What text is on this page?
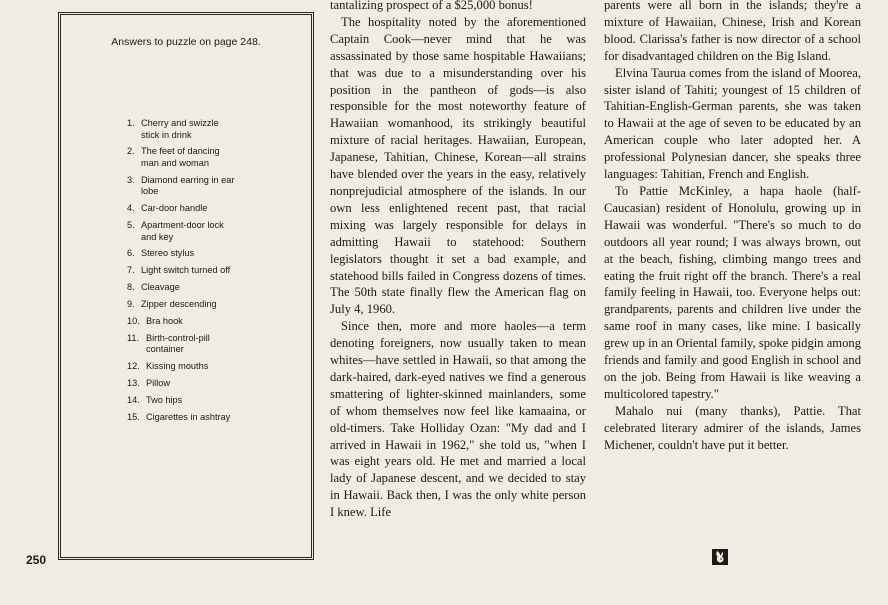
250
Answers to puzzle on page 248.
1. Cherry and swizzle stick in drink
2. The feet of dancing man and woman
3. Diamond earring in ear lobe
4. Car-door handle
5. Apartment-door lock and key
6. Stereo stylus
7. Light switch turned off
8. Cleavage
9. Zipper descending
10. Bra hook
11. Birth-control-pill container
12. Kissing mouths
13. Pillow
14. Two hips
15. Cigarettes in ashtray

tantalizing prospect of a $25,000 bonus!

The hospitality noted by the aforementioned Captain Cook—never mind that he was assassinated by those same hospitable Hawaiians; that was due to a misunderstanding over his position in the pantheon of gods—is also responsible for the most noteworthy feature of Hawaiian womanhood, its strikingly beautiful mixture of racial heritages. Hawaiian, European, Japanese, Tahitian, Chinese, Korean—all strains have blended over the years in the easy, relatively nonprejudicial atmosphere of the islands. In our own less enlightened recent past, that racial mixing was largely responsible for delays in admitting Hawaii to statehood: Southern legislators thought it set a bad example, and statehood bills failed in Congress dozens of times. The 50th state finally flew the American flag on July 4, 1960.

Since then, more and more haoles—a term denoting foreigners, now usually taken to mean whites—have settled in Hawaii, so that among the dark-haired, dark-eyed natives we find a generous smattering of lighter-skinned mainlanders, some of whom themselves now feel like kamaaina, or old-timers. Take Holliday Ozan: "My dad and I arrived in Hawaii in 1962," she told us, "when I was eight years old. He met and married a local lady of Japanese descent, and we decided to stay in Hawaii. Back then, I was the only white person I knew. Life

parents were all born in the islands; they're a mixture of Hawaiian, Chinese, Irish and Korean blood. Clarissa's father is now director of a school for disadvantaged children on the Big Island.

Elvina Taurua comes from the island of Moorea, sister island of Tahiti; youngest of 15 children of Tahitian-English-German parents, she was taken to Hawaii at the age of seven to be educated by an American couple who later adopted her. A professional Polynesian dancer, she speaks three languages: Tahitian, French and English.

To Pattie McKinley, a hapa haole (half-Caucasian) resident of Honolulu, growing up in Hawaii was wonderful. "There's so much to do outdoors all year round; I was always brown, out at the beach, fishing, climbing mango trees and eating the fruit right off the branch. There's a real family feeling in Hawaii, too. Everyone helps out: grandparents, parents and children live under the same roof in many cases, like mine. I basically grew up in an Oriental family, spoke pidgin among friends and family and good English in school and on the job. Being from Hawaii is like weaving a multicolored tapestry."

Mahalo nui (many thanks), Pattie. That celebrated literary admirer of the islands, James Michener, couldn't have put it better.
